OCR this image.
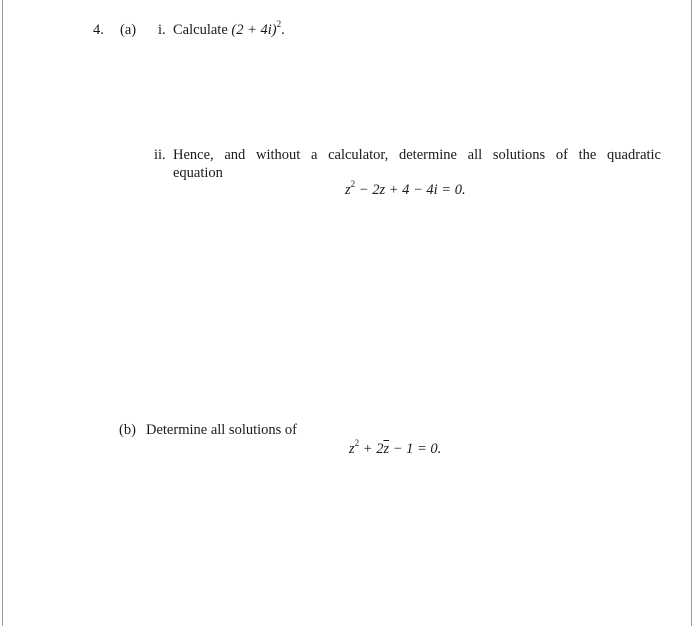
4. (a) i. Calculate $(2 + 4i)^2$.
ii. Hence, and without a calculator, determine all solutions of the quadratic
equation
$z^2 - 2z + 4 - 4i = 0$.
(b) Determine all solutions of
$z^2 + 2\overline{z} - 1 = 0$.
